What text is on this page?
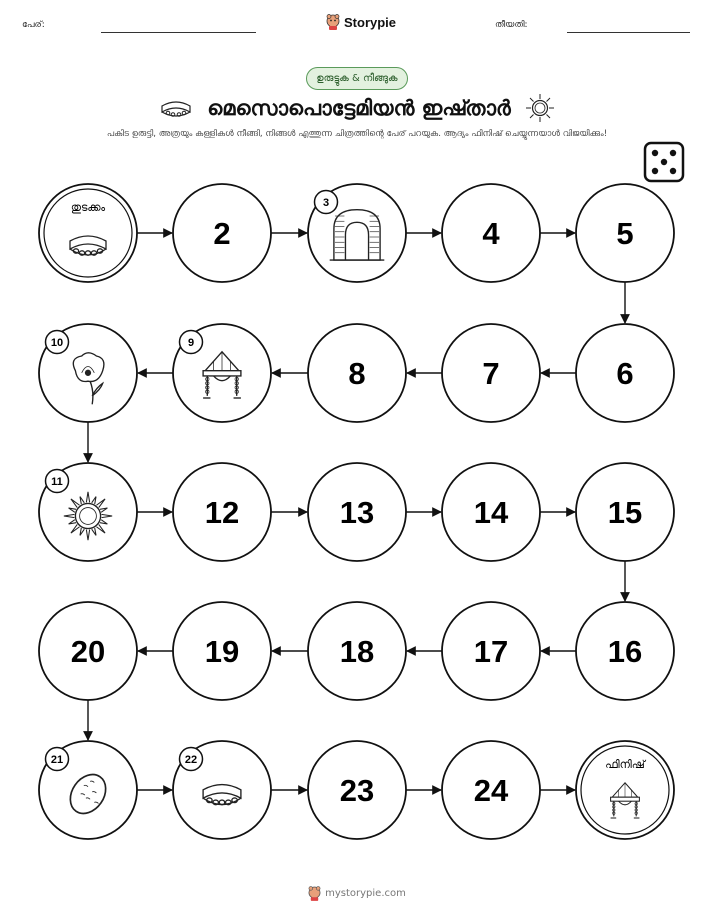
പേര്:	Storypie	തീയതി:
ഉരുട്ടുക & നീങ്ങുക
മെസൊപൊട്ടേമിയൻ ഇഷ്താർ
പകിട ഉരുട്ടി, അത്രയും കള്ളികൾ നീങ്ങി, നിങ്ങൾ എത്തുന്ന ചിത്രത്തിന്റെ പേര് പറയുക. ആദ്യം ഫിനിഷ് ചെയ്യുന്നയാൾ വിജയിക്കും!
തുടക്കം
2
3
4	5
6
7
8
9
10
11
12	13	14	15
16
17
18
19
20
21	22
23	24
ഫിനിഷ്
mystorypie.com
